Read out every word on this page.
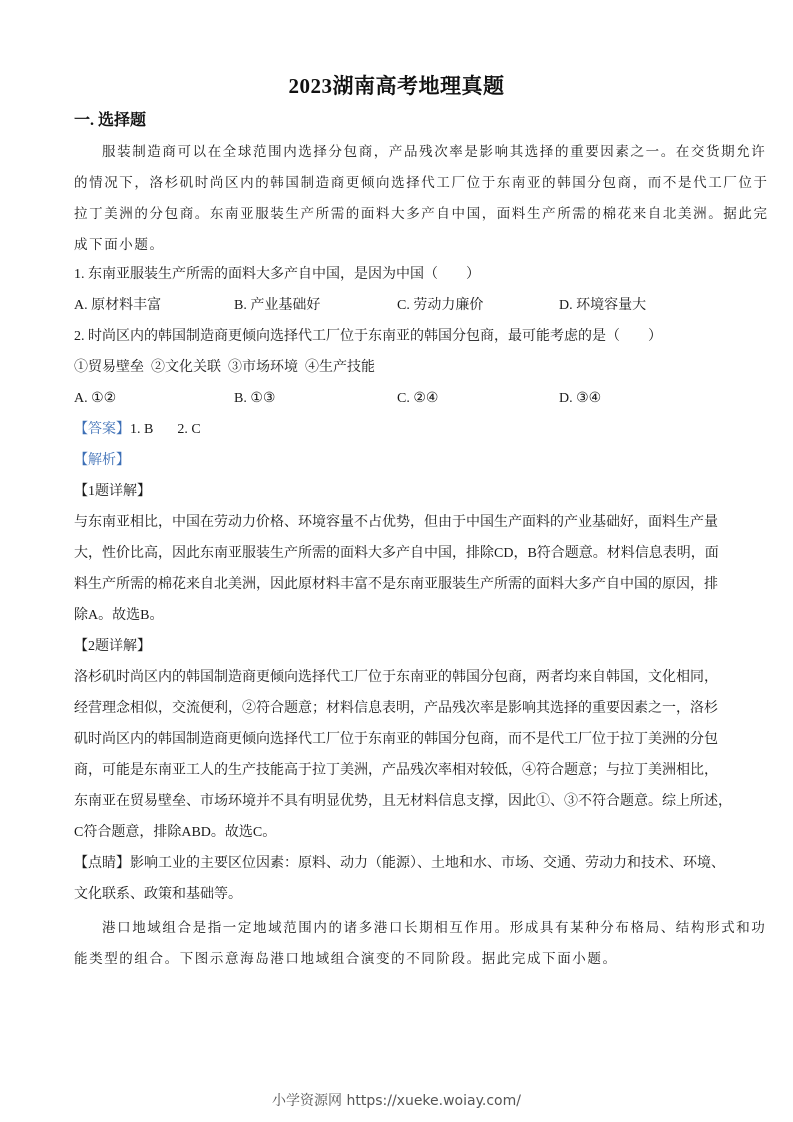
2023湖南高考地理真题
一. 选择题
服装制造商可以在全球范围内选择分包商，产品残次率是影响其选择的重要因素之一。在交货期允许
的情况下，洛杉矶时尚区内的韩国制造商更倾向选择代工厂位于东南亚的韩国分包商，而不是代工厂位于
拉丁美洲的分包商。东南亚服装生产所需的面料大多产自中国，面料生产所需的棉花来自北美洲。据此完
成下面小题。
1. 东南亚服装生产所需的面料大多产自中国，是因为中国（　　）
A. 原材料丰富	B. 产业基础好	C. 劳动力廉价	D. 环境容量大
2. 时尚区内的韩国制造商更倾向选择代工厂位于东南亚的韩国分包商，最可能考虑的是（　　）
①贸易壁垒  ②文化关联  ③市场环境  ④生产技能
A. ①②	B. ①③	C. ②④	D. ③④
【答案】1. B 2. C
【解析】
【1题详解】
与东南亚相比，中国在劳动力价格、环境容量不占优势，但由于中国生产面料的产业基础好，面料生产量
大，性价比高，因此东南亚服装生产所需的面料大多产自中国，排除CD，B符合题意。材料信息表明，面
料生产所需的棉花来自北美洲，因此原材料丰富不是东南亚服装生产所需的面料大多产自中国的原因，排
除A。故选B。
【2题详解】
洛杉矶时尚区内的韩国制造商更倾向选择代工厂位于东南亚的韩国分包商，两者均来自韩国，文化相同，
经营理念相似，交流便利，②符合题意；材料信息表明，产品残次率是影响其选择的重要因素之一，洛杉
矶时尚区内的韩国制造商更倾向选择代工厂位于东南亚的韩国分包商，而不是代工厂位于拉丁美洲的分包
商，可能是东南亚工人的生产技能高于拉丁美洲，产品残次率相对较低，④符合题意；与拉丁美洲相比，
东南亚在贸易壁垒、市场环境并不具有明显优势，且无材料信息支撑，因此①、③不符合题意。综上所述，
C符合题意，排除ABD。故选C。
【点睛】影响工业的主要区位因素：原料、动力（能源）、土地和水、市场、交通、劳动力和技术、环境、
文化联系、政策和基础等。
港口地域组合是指一定地域范围内的诸多港口长期相互作用。形成具有某种分布格局、结构形式和功
能类型的组合。下图示意海岛港口地域组合演变的不同阶段。据此完成下面小题。
小学资源网 https://xueke.woiay.com/
